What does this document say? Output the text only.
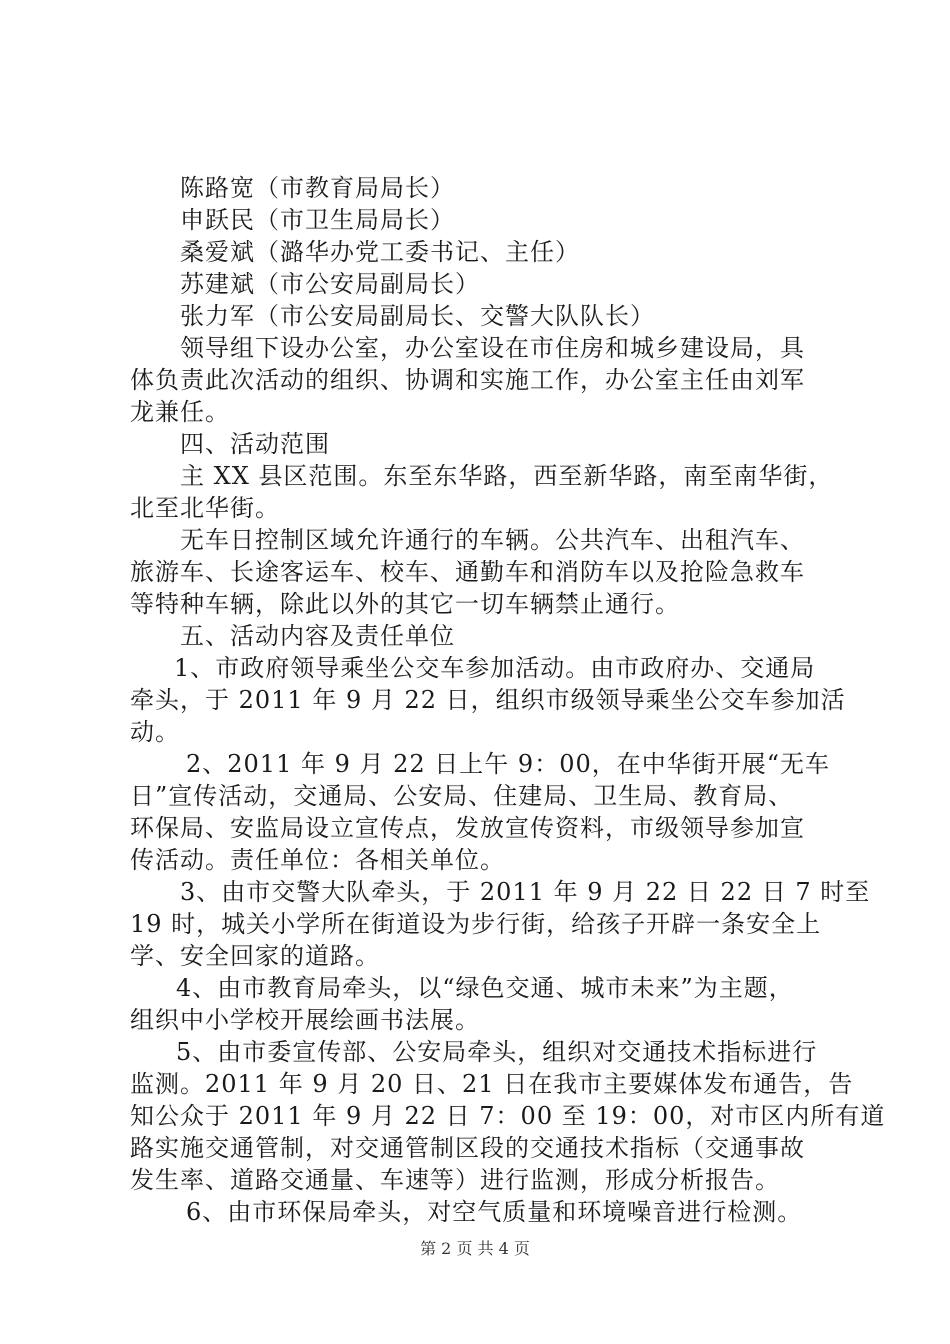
陈路宽（市教育局局长）
申跃民（市卫生局局长）
桑爱斌（潞华办党工委书记、主任）
苏建斌（市公安局副局长）
张力军（市公安局副局长、交警大队队长）
领导组下设办公室，办公室设在市住房和城乡建设局，具
体负责此次活动的组织、协调和实施工作，办公室主任由刘军
龙兼任。
四、活动范围
主 XX 县区范围。东至东华路，西至新华路，南至南华街，
北至北华街。
无车日控制区域允许通行的车辆。公共汽车、出租汽车、
旅游车、长途客运车、校车、通勤车和消防车以及抢险急救车
等特种车辆，除此以外的其它一切车辆禁止通行。
五、活动内容及责任单位
1、市政府领导乘坐公交车参加活动。由市政府办、交通局
牵头，于 2011 年 9 月 22 日，组织市级领导乘坐公交车参加活
动。
2、2011 年 9 月 22 日上午 9：00，在中华街开展“无车
日”宣传活动，交通局、公安局、住建局、卫生局、教育局、
环保局、安监局设立宣传点，发放宣传资料，市级领导参加宣
传活动。责任单位：各相关单位。
3、由市交警大队牵头，于 2011 年 9 月 22 日 22 日 7 时至
19 时，城关小学所在街道设为步行街，给孩子开辟一条安全上
学、安全回家的道路。
4、由市教育局牵头，以“绿色交通、城市未来”为主题，
组织中小学校开展绘画书法展。
5、由市委宣传部、公安局牵头，组织对交通技术指标进行
监测。2011 年 9 月 20 日、21 日在我市主要媒体发布通告，告
知公众于 2011 年 9 月 22 日 7：00 至 19：00，对市区内所有道
路实施交通管制，对交通管制区段的交通技术指标（交通事故
发生率、道路交通量、车速等）进行监测，形成分析报告。
6、由市环保局牵头，对空气质量和环境噪音进行检测。
第 2 页 共 4 页
